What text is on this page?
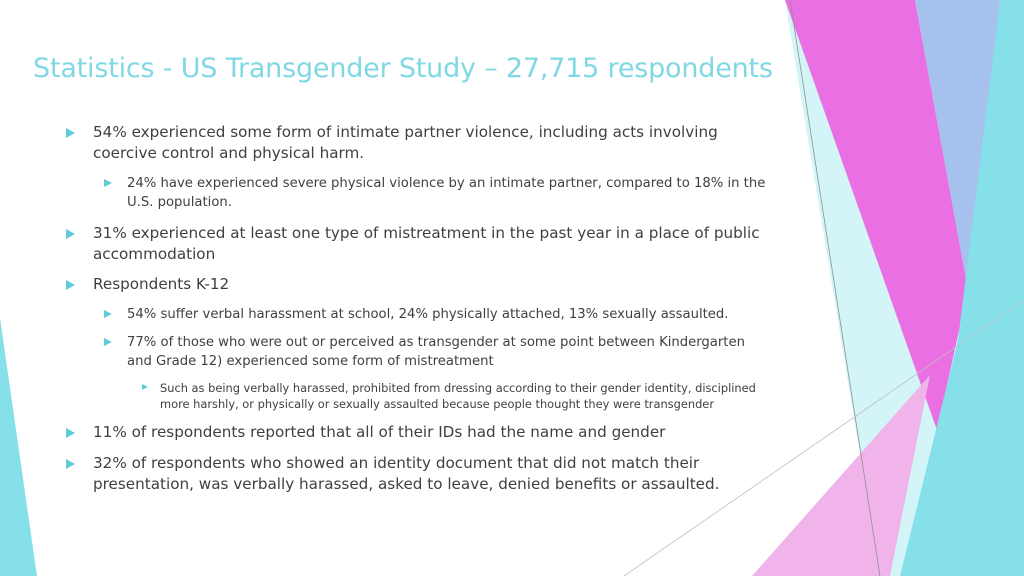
Statistics - US Transgender Study – 27,715 respondents
54% experienced some form of intimate partner violence, including acts involving coercive control and physical harm.
24% have experienced severe physical violence by an intimate partner, compared to 18% in the U.S. population.
31% experienced at least one type of mistreatment in the past year in a place of public accommodation
Respondents K-12
54% suffer verbal harassment at school, 24% physically attached, 13% sexually assaulted.
77% of those who were out or perceived as transgender at some point between Kindergarten and Grade 12) experienced some form of mistreatment
Such as being verbally harassed, prohibited from dressing according to their gender identity, disciplined more harshly, or physically or sexually assaulted because people thought they were transgender
11% of respondents reported that all of their IDs had the name and gender
32% of respondents who showed an identity document that did not match their presentation, was verbally harassed, asked to leave, denied benefits or assaulted.
